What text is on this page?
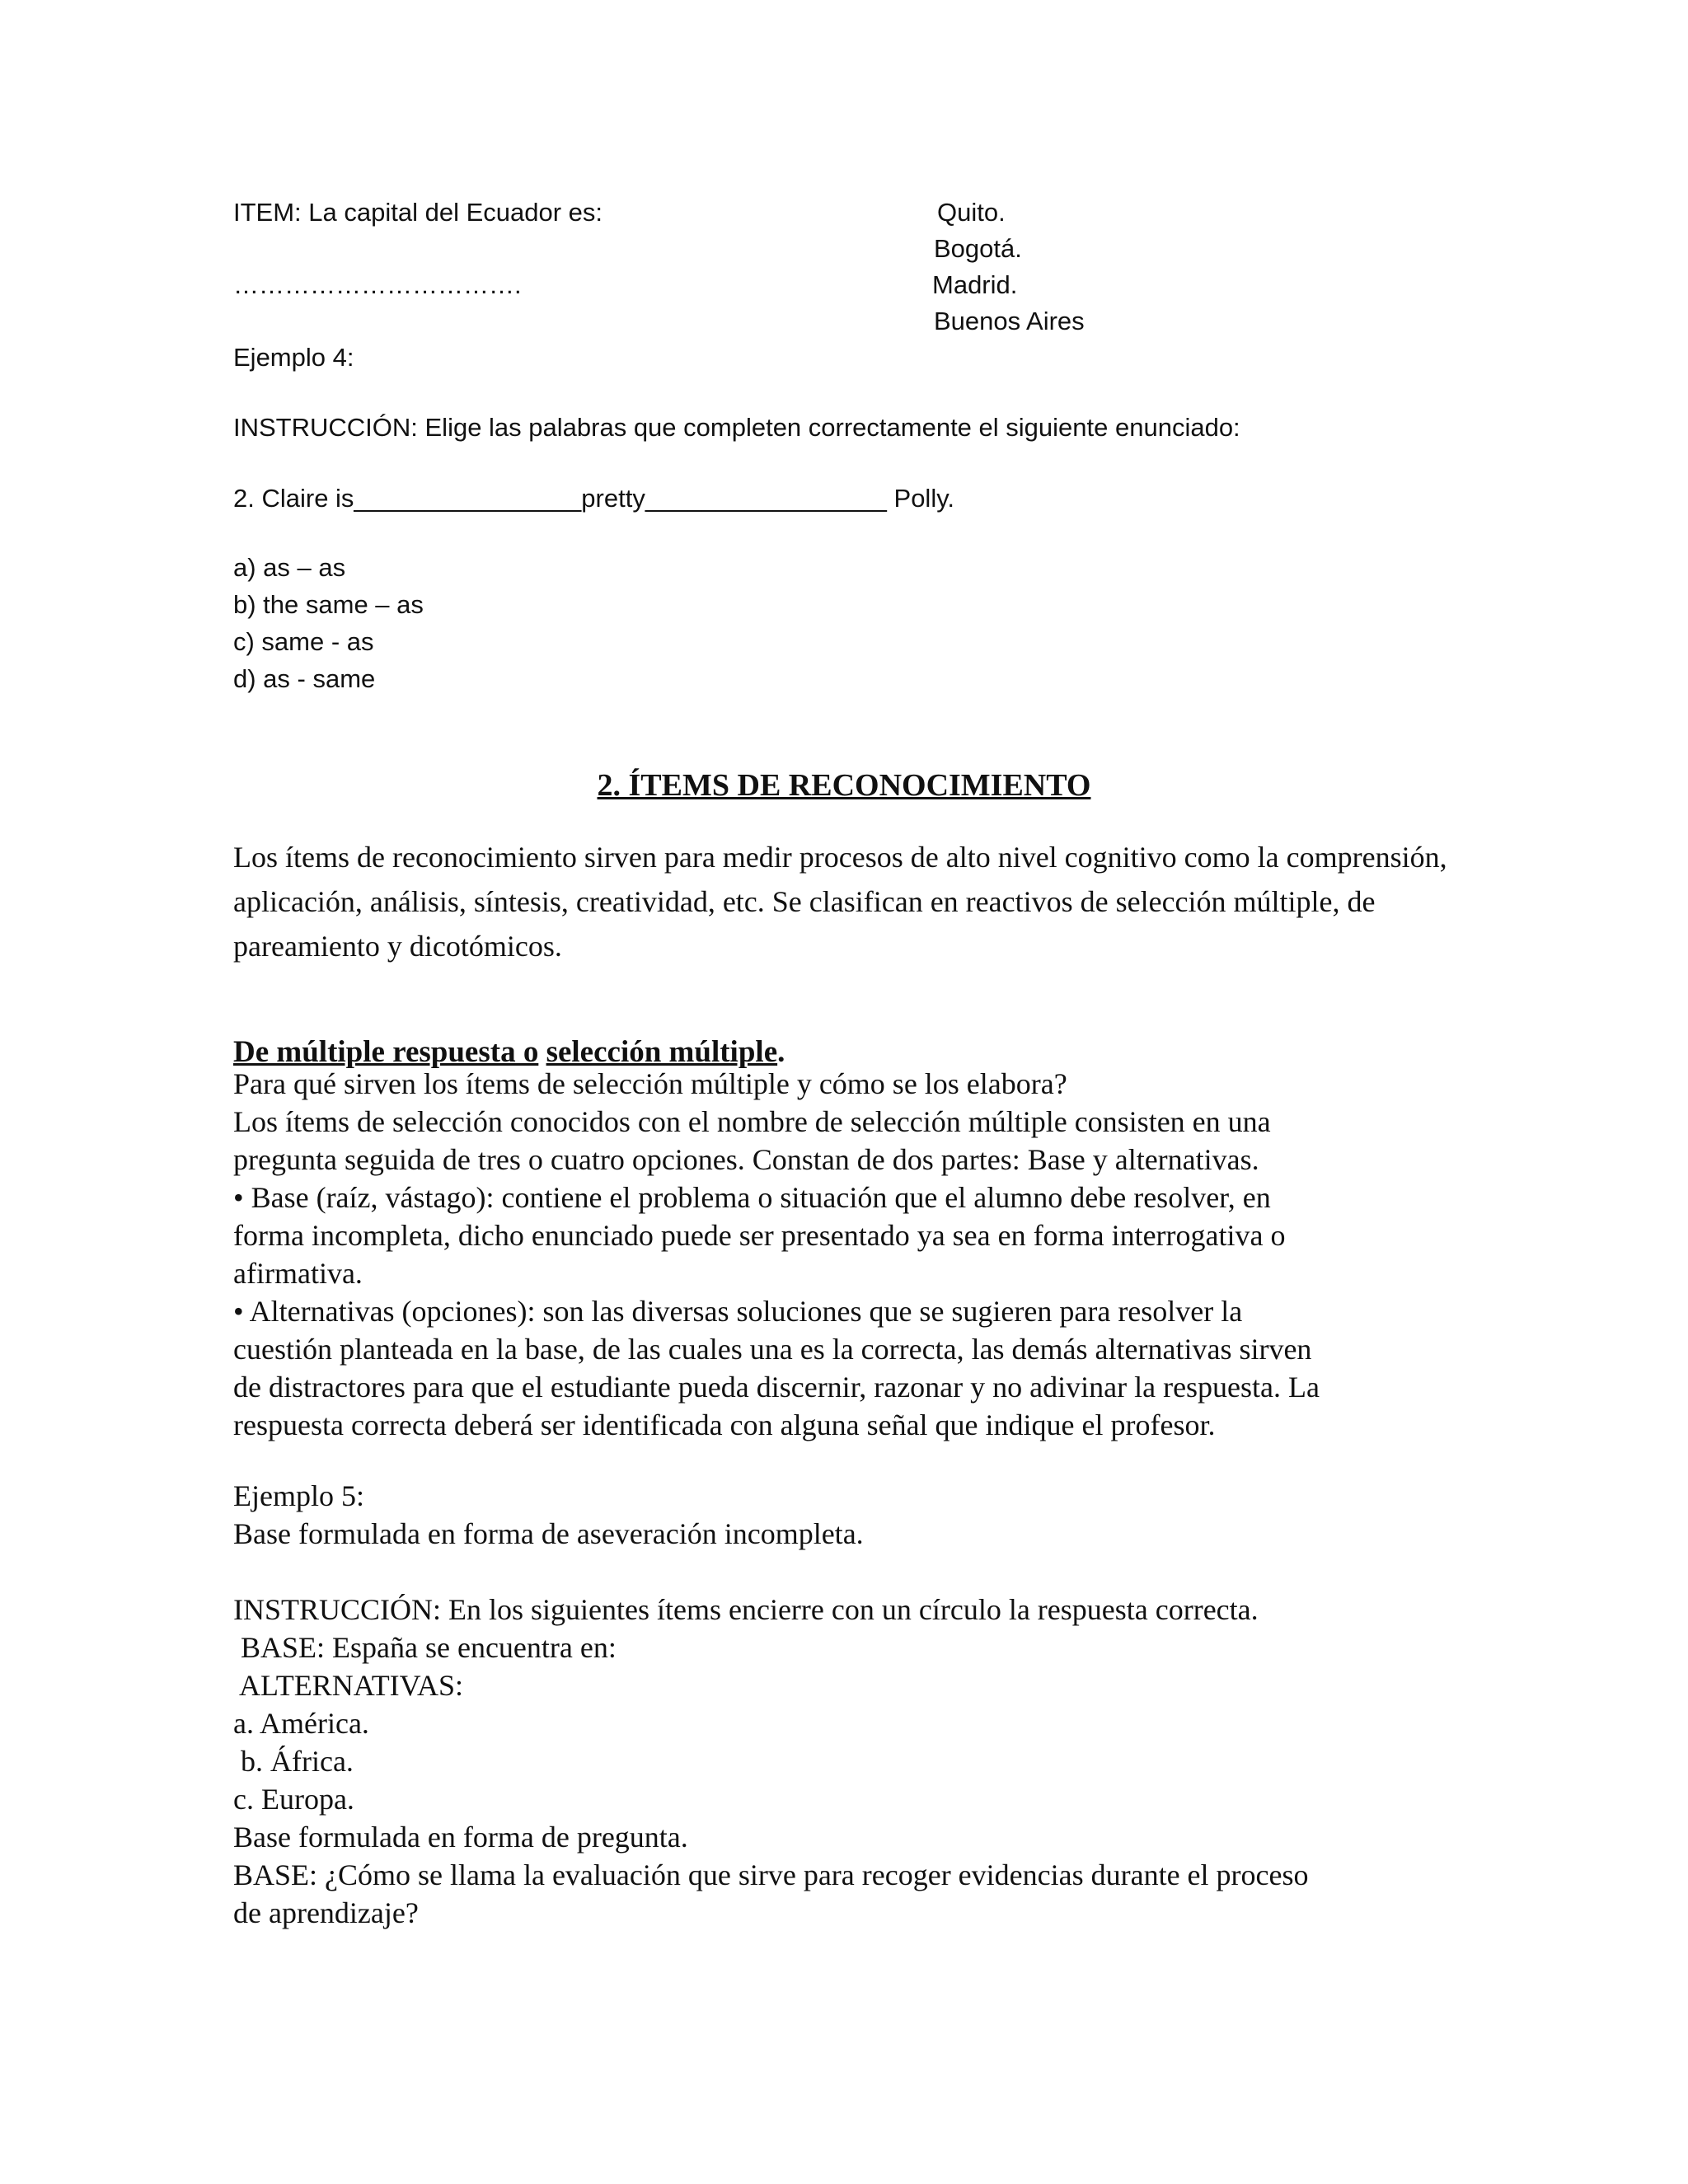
ITEM: La capital del Ecuador es:	Quito.
Bogotá.
…………………………….	Madrid.
Buenos Aires
Ejemplo 4:
INSTRUCCIÓN: Elige las palabras que completen correctamente el siguiente enunciado:
2. Claire is________________pretty_________________ Polly.
a) as – as
b) the same – as
c) same - as
d) as - same
2. ÍTEMS DE RECONOCIMIENTO
Los ítems de reconocimiento sirven para medir procesos de alto nivel cognitivo como la comprensión, aplicación, análisis, síntesis, creatividad, etc. Se clasifican en reactivos de selección múltiple, de pareamiento y dicotómicos.
De múltiple respuesta o selección múltiple.
Para qué sirven los ítems de selección múltiple y cómo se los elabora?
Los ítems de selección conocidos con el nombre de selección múltiple consisten en una
pregunta seguida de tres o cuatro opciones. Constan de dos partes: Base y alternativas.
• Base (raíz, vástago): contiene el problema o situación que el alumno debe resolver, en
forma incompleta, dicho enunciado puede ser presentado ya sea en forma interrogativa o
afirmativa.
• Alternativas (opciones): son las diversas soluciones que se sugieren para resolver la
cuestión planteada en la base, de las cuales una es la correcta, las demás alternativas sirven
de distractores para que el estudiante pueda discernir, razonar y no adivinar la respuesta. La
respuesta correcta deberá ser identificada con alguna señal que indique el profesor.
Ejemplo 5:
Base formulada en forma de aseveración incompleta.
INSTRUCCIÓN: En los siguientes ítems encierre con un círculo la respuesta correcta.
BASE: España se encuentra en:
ALTERNATIVAS:
a. América.
b. África.
c. Europa.
Base formulada en forma de pregunta.
BASE: ¿Cómo se llama la evaluación que sirve para recoger evidencias durante el proceso
de aprendizaje?
